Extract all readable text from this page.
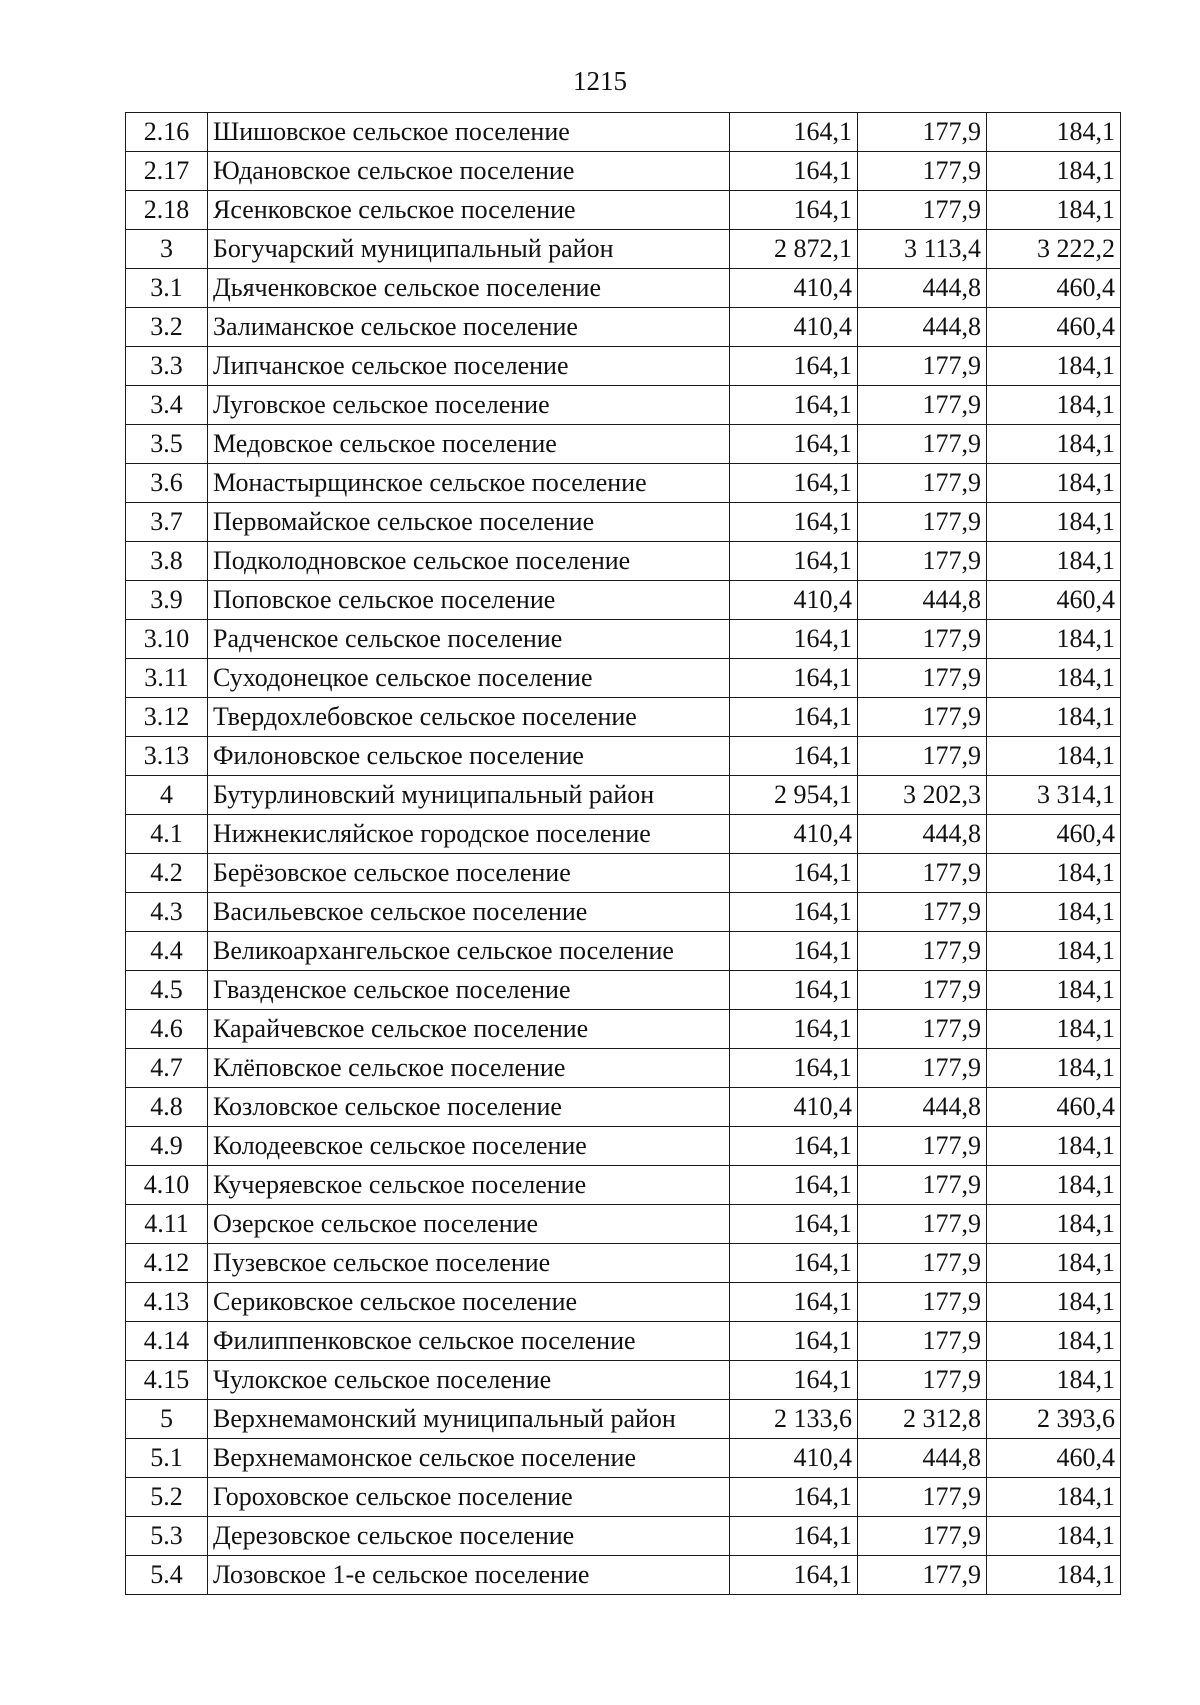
1215
2.16	Шишовское сельское поселение	164,1	177,9	184,1
2.17	Юдановское сельское поселение	164,1	177,9	184,1
2.18	Ясенковское сельское поселение	164,1	177,9	184,1
3	Богучарский муниципальный район	2 872,1	3 113,4	3 222,2
3.1	Дьяченковское сельское поселение	410,4	444,8	460,4
3.2	Залиманское сельское поселение	410,4	444,8	460,4
3.3	Липчанское сельское поселение	164,1	177,9	184,1
3.4	Луговское сельское поселение	164,1	177,9	184,1
3.5	Медовское сельское поселение	164,1	177,9	184,1
3.6	Монастырщинское сельское поселение	164,1	177,9	184,1
3.7	Первомайское сельское поселение	164,1	177,9	184,1
3.8	Подколодновское сельское поселение	164,1	177,9	184,1
3.9	Поповское сельское поселение	410,4	444,8	460,4
3.10	Радченское сельское поселение	164,1	177,9	184,1
3.11	Суходонецкое сельское поселение	164,1	177,9	184,1
3.12	Твердохлебовское сельское поселение	164,1	177,9	184,1
3.13	Филоновское сельское поселение	164,1	177,9	184,1
4	Бутурлиновский муниципальный район	2 954,1	3 202,3	3 314,1
4.1	Нижнекисляйское городское поселение	410,4	444,8	460,4
4.2	Берёзовское сельское поселение	164,1	177,9	184,1
4.3	Васильевское сельское поселение	164,1	177,9	184,1
4.4	Великоархангельское сельское поселение	164,1	177,9	184,1
4.5	Гвазденское сельское поселение	164,1	177,9	184,1
4.6	Карайчевское сельское поселение	164,1	177,9	184,1
4.7	Клёповское сельское поселение	164,1	177,9	184,1
4.8	Козловское сельское поселение	410,4	444,8	460,4
4.9	Колодеевское сельское поселение	164,1	177,9	184,1
4.10	Кучеряевское сельское поселение	164,1	177,9	184,1
4.11	Озерское сельское поселение	164,1	177,9	184,1
4.12	Пузевское сельское поселение	164,1	177,9	184,1
4.13	Сериковское сельское поселение	164,1	177,9	184,1
4.14	Филиппенковское сельское поселение	164,1	177,9	184,1
4.15	Чулокское сельское поселение	164,1	177,9	184,1
5	Верхнемамонский муниципальный район	2 133,6	2 312,8	2 393,6
5.1	Верхнемамонское сельское поселение	410,4	444,8	460,4
5.2	Гороховское сельское поселение	164,1	177,9	184,1
5.3	Дерезовское сельское поселение	164,1	177,9	184,1
5.4	Лозовское 1-е сельское поселение	164,1	177,9	184,1
